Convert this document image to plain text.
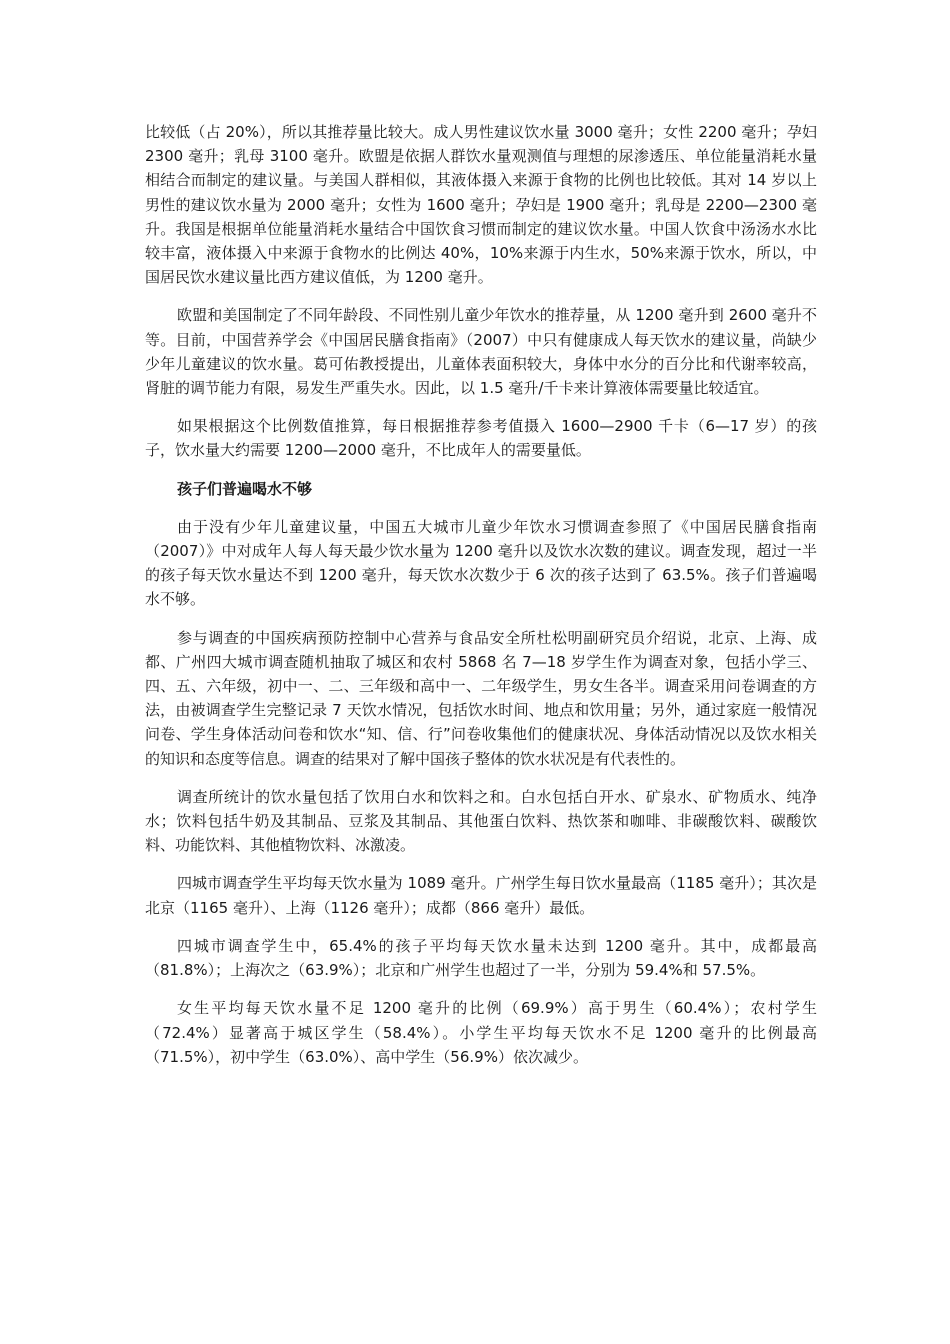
比较低（占 20%），所以其推荐量比较大。成人男性建议饮水量 3000 毫升；女性 2200 毫升；孕妇 2300 毫升；乳母 3100 毫升。欧盟是依据人群饮水量观测值与理想的尿渗透压、单位能量消耗水量相结合而制定的建议量。与美国人群相似，其液体摄入来源于食物的比例也比较低。其对 14 岁以上男性的建议饮水量为 2000 毫升；女性为 1600 毫升；孕妇是 1900 毫升；乳母是 2200—2300 毫升。我国是根据单位能量消耗水量结合中国饮食习惯而制定的建议饮水量。中国人饮食中汤汤水水比较丰富，液体摄入中来源于食物水的比例达 40%，10%来源于内生水，50%来源于饮水，所以，中国居民饮水建议量比西方建议值低，为 1200 毫升。

欧盟和美国制定了不同年龄段、不同性别儿童少年饮水的推荐量，从 1200 毫升到 2600 毫升不等。目前，中国营养学会《中国居民膳食指南》（2007）中只有健康成人每天饮水的建议量，尚缺少少年儿童建议的饮水量。葛可佑教授提出，儿童体表面积较大，身体中水分的百分比和代谢率较高，肾脏的调节能力有限，易发生严重失水。因此，以 1.5 毫升/千卡来计算液体需要量比较适宜。

如果根据这个比例数值推算，每日根据推荐参考值摄入 1600—2900 千卡（6—17 岁）的孩子，饮水量大约需要 1200—2000 毫升，不比成年人的需要量低。

孩子们普遍喝水不够

由于没有少年儿童建议量，中国五大城市儿童少年饮水习惯调查参照了《中国居民膳食指南（2007）》中对成年人每人每天最少饮水量为 1200 毫升以及饮水次数的建议。调查发现，超过一半的孩子每天饮水量达不到 1200 毫升，每天饮水次数少于 6 次的孩子达到了 63.5%。孩子们普遍喝水不够。

参与调查的中国疾病预防控制中心营养与食品安全所杜松明副研究员介绍说，北京、上海、成都、广州四大城市调查随机抽取了城区和农村 5868 名 7—18 岁学生作为调查对象，包括小学三、四、五、六年级，初中一、二、三年级和高中一、二年级学生，男女生各半。调查采用问卷调查的方法，由被调查学生完整记录 7 天饮水情况，包括饮水时间、地点和饮用量；另外，通过家庭一般情况问卷、学生身体活动问卷和饮水“知、信、行”问卷收集他们的健康状况、身体活动情况以及饮水相关的知识和态度等信息。调查的结果对了解中国孩子整体的饮水状况是有代表性的。

调查所统计的饮水量包括了饮用白水和饮料之和。白水包括白开水、矿泉水、矿物质水、纯净水；饮料包括牛奶及其制品、豆浆及其制品、其他蛋白饮料、热饮茶和咖啡、非碳酸饮料、碳酸饮料、功能饮料、其他植物饮料、冰激凌。

四城市调查学生平均每天饮水量为 1089 毫升。广州学生每日饮水量最高（1185 毫升）；其次是北京（1165 毫升）、上海（1126 毫升）；成都（866 毫升）最低。

四城市调查学生中，65.4%的孩子平均每天饮水量未达到 1200 毫升。其中，成都最高（81.8%）；上海次之（63.9%）；北京和广州学生也超过了一半，分别为 59.4%和 57.5%。

女生平均每天饮水量不足 1200 毫升的比例（69.9%）高于男生（60.4%）；农村学生（72.4%）显著高于城区学生（58.4%）。小学生平均每天饮水不足 1200 毫升的比例最高（71.5%），初中学生（63.0%）、高中学生（56.9%）依次减少。
